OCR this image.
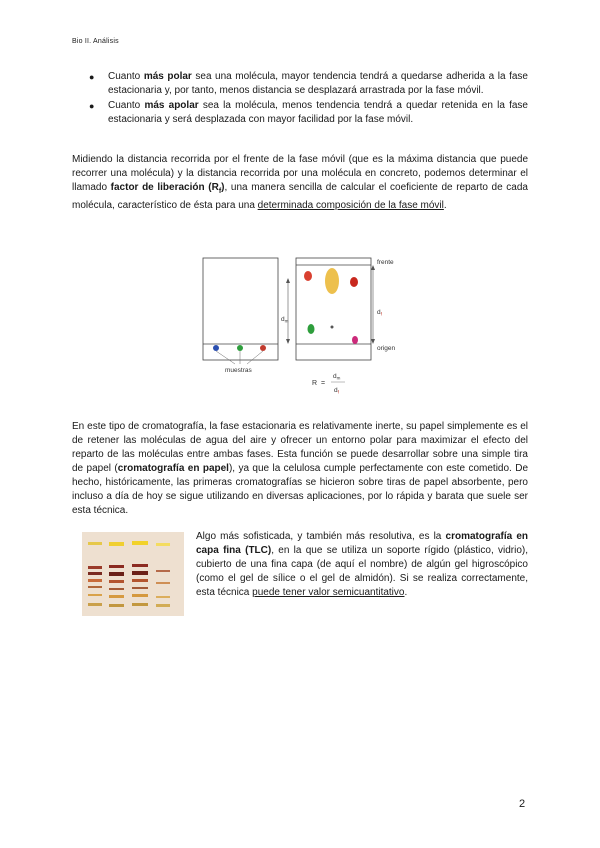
Bio II. Análisis
● Cuanto más polar sea una molécula, mayor tendencia tendrá a quedarse adherida a la fase estacionaria y, por tanto, menos distancia se desplazará arrastrada por la fase móvil.
● Cuanto más apolar sea la molécula, menos tendencia tendrá a quedar retenida en la fase estacionaria y será desplazada con mayor facilidad por la fase móvil.

Midiendo la distancia recorrida por el frente de la fase móvil (que es la máxima distancia que puede recorrer una molécula) y la distancia recorrida por una molécula en concreto, podemos determinar el llamado factor de liberación $(R_f)$, una manera sencilla de calcular el coeficiente de reparto de cada molécula, característico de ésta para una determinada composición de la fase móvil.

muestras
$d_m$
$d_f$
frente
origen
R =
$d_m$
$d_f$

En este tipo de cromatografía, la fase estacionaria es relativamente inerte, su papel simplemente es el de retener las moléculas de agua del aire y ofrecer un entorno polar para maximizar el efecto del reparto de las moléculas entre ambas fases. Esta función se puede desarrollar sobre una simple tira de papel (cromatografía en papel), ya que la celulosa cumple perfectamente con este cometido. De hecho, históricamente, las primeras cromatografías se hicieron sobre tiras de papel absorbente, pero incluso a día de hoy se sigue utilizando en diversas aplicaciones, por lo rápida y barata que suele ser esta técnica.

Algo más sofisticada, y también más resolutiva, es la cromatografía en capa fina (TLC), en la que se utiliza un soporte rígido (plástico, vidrio), cubierto de una fina capa (de aquí el nombre) de algún gel higroscópico (como el gel de sílice o el gel de almidón). Si se realiza correctamente, esta técnica puede tener valor semicuantitativo.

2
